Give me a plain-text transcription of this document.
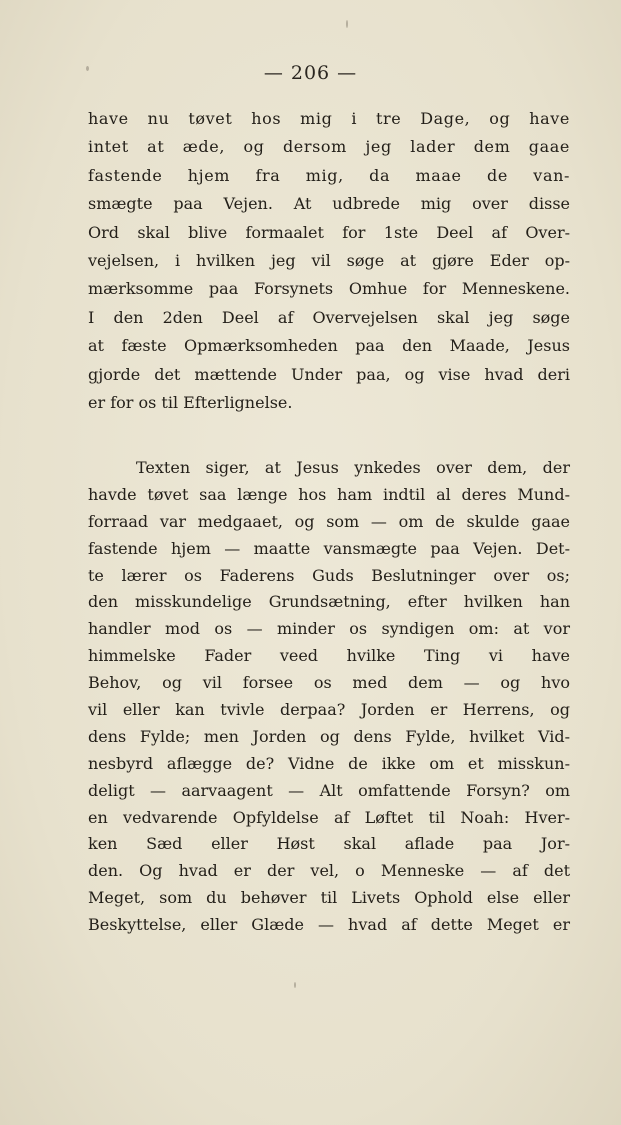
— 206 —
have nu tøvet hos mig i tre Dage, og have
intet at æde, og dersom jeg lader dem gaae
fastende hjem fra mig, da maae de van-
smægte paa Vejen. At udbrede mig over disse
Ord skal blive formaalet for 1ste Deel af Over-
vejelsen, i hvilken jeg vil søge at gjøre Eder op-
mærksomme paa Forsynets Omhue for Menneskene.
I den 2den Deel af Overvejelsen skal jeg søge
at fæste Opmærksomheden paa den Maade, Jesus
gjorde det mættende Under paa, og vise hvad deri
er for os til Efterlignelse.
Texten siger, at Jesus ynkedes over dem, der
havde tøvet saa længe hos ham indtil al deres Mund-
forraad var medgaaet, og som — om de skulde gaae
fastende hjem — maatte vansmægte paa Vejen. Det-
te lærer os Faderens Guds Beslutninger over os;
den misskundelige Grundsætning, efter hvilken han
handler mod os — minder os syndigen om: at vor
himmelske Fader veed hvilke Ting vi have
Behov, og vil forsee os med dem — og hvo
vil eller kan tvivle derpaa? Jorden er Herrens, og
dens Fylde; men Jorden og dens Fylde, hvilket Vid-
nesbyrd aflægge de? Vidne de ikke om et misskun-
deligt — aarvaagent — Alt omfattende Forsyn? om
en vedvarende Opfyldelse af Løftet til Noah: Hver-
ken Sæd eller Høst skal aflade paa Jor-
den. Og hvad er der vel, o Menneske — af det
Meget, som du behøver til Livets Ophold else eller
Beskyttelse, eller Glæde — hvad af dette Meget er
